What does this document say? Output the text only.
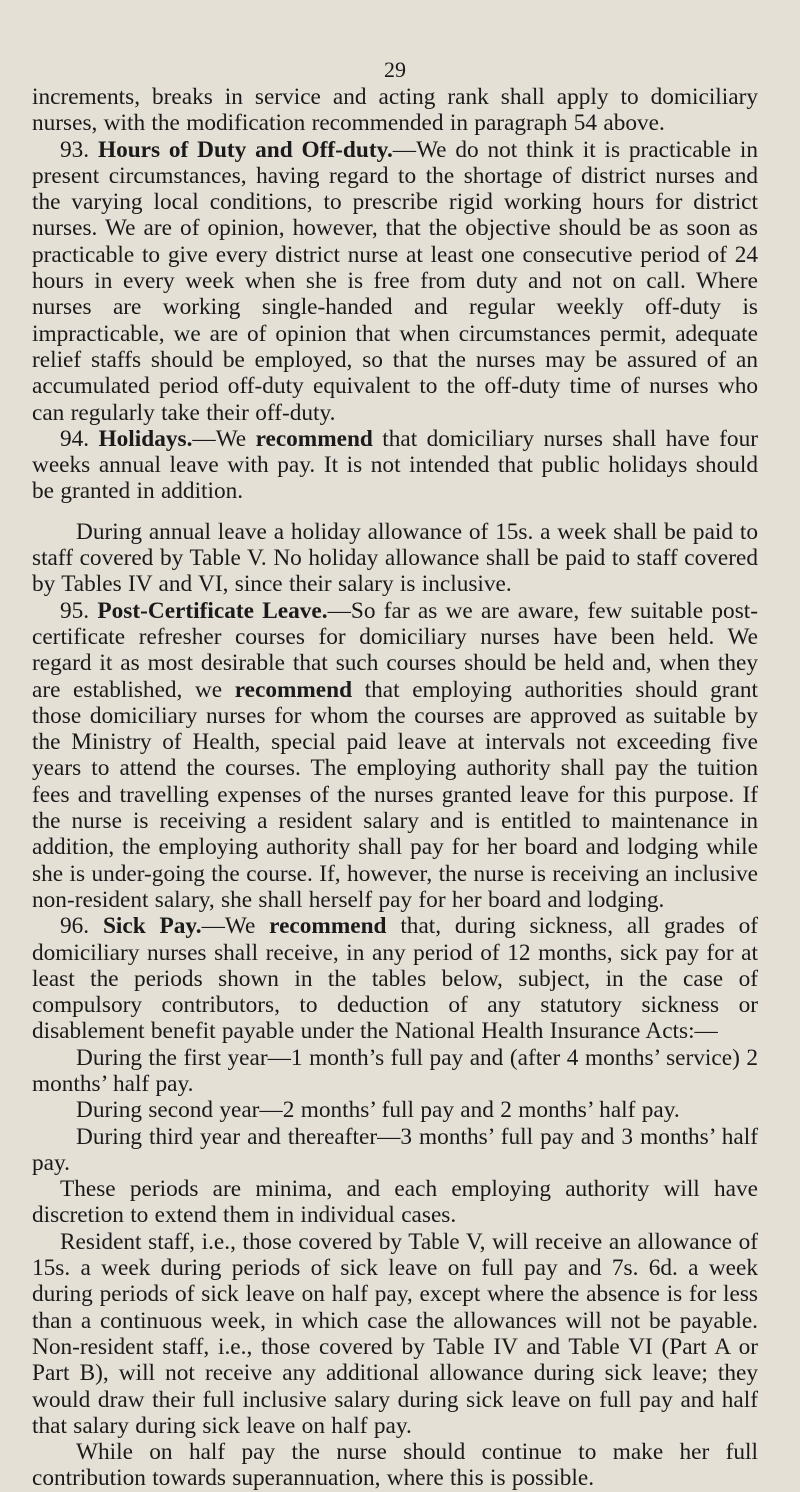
29

increments, breaks in service and acting rank shall apply to domiciliary nurses, with the modification recommended in paragraph 54 above.

93. Hours of Duty and Off-duty.—We do not think it is practicable in present circumstances, having regard to the shortage of district nurses and the varying local conditions, to prescribe rigid working hours for district nurses. We are of opinion, however, that the objective should be as soon as practicable to give every district nurse at least one consecutive period of 24 hours in every week when she is free from duty and not on call. Where nurses are working single-handed and regular weekly off-duty is impracticable, we are of opinion that when circumstances permit, adequate relief staffs should be employed, so that the nurses may be assured of an accumulated period off-duty equivalent to the off-duty time of nurses who can regularly take their off-duty.

94. Holidays.—We recommend that domiciliary nurses shall have four weeks annual leave with pay. It is not intended that public holidays should be granted in addition.

During annual leave a holiday allowance of 15s. a week shall be paid to staff covered by Table V. No holiday allowance shall be paid to staff covered by Tables IV and VI, since their salary is inclusive.

95. Post-Certificate Leave.—So far as we are aware, few suitable post-certificate refresher courses for domiciliary nurses have been held. We regard it as most desirable that such courses should be held and, when they are established, we recommend that employing authorities should grant those domiciliary nurses for whom the courses are approved as suitable by the Ministry of Health, special paid leave at intervals not exceeding five years to attend the courses. The employing authority shall pay the tuition fees and travelling expenses of the nurses granted leave for this purpose. If the nurse is receiving a resident salary and is entitled to maintenance in addition, the employing authority shall pay for her board and lodging while she is under-going the course. If, however, the nurse is receiving an inclusive non-resident salary, she shall herself pay for her board and lodging.

96. Sick Pay.—We recommend that, during sickness, all grades of domiciliary nurses shall receive, in any period of 12 months, sick pay for at least the periods shown in the tables below, subject, in the case of compulsory contributors, to deduction of any statutory sickness or disablement benefit payable under the National Health Insurance Acts:—

During the first year—1 month’s full pay and (after 4 months’ service) 2 months’ half pay.

During second year—2 months’ full pay and 2 months’ half pay.

During third year and thereafter—3 months’ full pay and 3 months’ half pay.

These periods are minima, and each employing authority will have discretion to extend them in individual cases.

Resident staff, i.e., those covered by Table V, will receive an allowance of 15s. a week during periods of sick leave on full pay and 7s. 6d. a week during periods of sick leave on half pay, except where the absence is for less than a continuous week, in which case the allowances will not be payable. Non-resident staff, i.e., those covered by Table IV and Table VI (Part A or Part B), will not receive any additional allowance during sick leave; they would draw their full inclusive salary during sick leave on full pay and half that salary during sick leave on half pay.

While on half pay the nurse should continue to make her full contribution towards superannuation, where this is possible.
